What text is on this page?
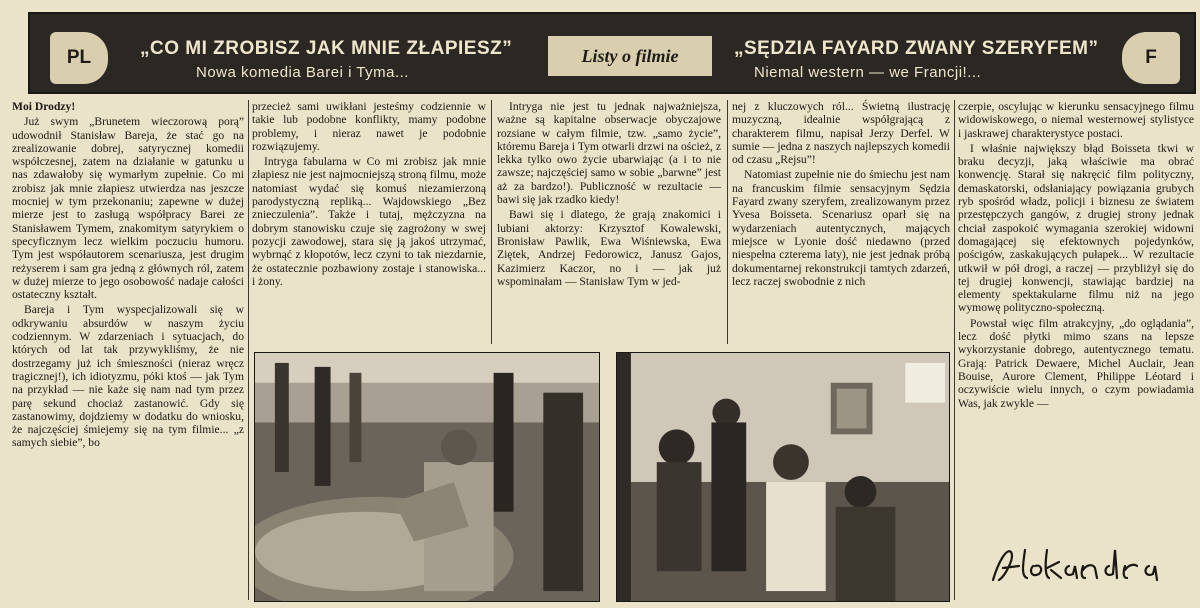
PL	„CO MI ZROBISZ JAK MNIE ZŁAPIESZ”
Nowa komedia Barei i Tyma...
Listy o filmie	„SĘDZIA FAYARD ZWANY SZERYFEM”
Niemal western — we Francji!...
F

Moi Drodzy!

Już swym „Brunetem wieczorową porą” udowodnił Stanisław Bareja, że stać go na zrealizowanie dobrej, satyrycznej komedii współczesnej, zatem na działanie w gatunku u nas zdawałoby się wymarłym zupełnie. Co mi zrobisz jak mnie złapiesz utwierdza nas jeszcze mocniej w tym przekonaniu; zapewne w dużej mierze jest to zasługą współpracy Barei ze Stanisławem Tymem, znakomitym satyrykiem o specyficznym lecz wielkim poczuciu humoru. Tym jest współautorem scenariusza, jest drugim reżyserem i sam gra jedną z głównych ról, zatem w dużej mierze to jego osobowość nadaje całości ostateczny kształt.

Bareja i Tym wyspecjalizowali się w odkrywaniu absurdów w naszym życiu codziennym. W zdarzeniach i sytuacjach, do których od lat tak przywykliśmy, że nie dostrzegamy już ich śmieszności (nieraz wręcz tragicznej!), ich idiotyzmu, póki ktoś — jak Tym na przykład — nie każe się nam nad tym przez parę sekund chociaż zastanowić. Gdy się zastanowimy, dojdziemy w dodatku do wniosku, że najczęściej śmiejemy się na tym filmie... „z samych siebie”, bo

przecież sami uwikłani jesteśmy codziennie w takie lub podobne konflikty, mamy podobne problemy, i nieraz nawet je podobnie rozwiązujemy.

Intryga fabularna w Co mi zrobisz jak mnie złapiesz nie jest najmocniejszą stroną filmu, może natomiast wydać się komuś niezamierzoną parodystyczną repliką... Wajdowskiego „Bez znieczulenia”. Także i tutaj, mężczyzna na dobrym stanowisku czuje się zagrożony w swej pozycji zawodowej, stara się ją jakoś utrzymać, wybrnąć z kłopotów, lecz czyni to tak niezdarnie, że ostatecznie pozbawiony zostaje i stanowiska... i żony.

Intryga nie jest tu jednak najważniejsza, ważne są kapitalne obserwacje obyczajowe rozsiane w całym filmie, tzw. „samo życie”, któremu Bareja i Tym otwarli drzwi na oścież, z lekka tylko owo życie ubarwiając (a i to nie zawsze; najczęściej samo w sobie „barwne” jest aż za bardzo!). Publiczność w rezultacie — bawi się jak rzadko kiedy!

Bawi się i dlatego, że grają znakomici i lubiani aktorzy: Krzysztof Kowalewski, Bronisław Pawlik, Ewa Wiśniewska, Ewa Ziętek, Andrzej Fedorowicz, Janusz Gajos, Kazimierz Kaczor, no i — jak już wspominałam — Stanisław Tym w jed-

nej z kluczowych ról... Świetną ilustrację muzyczną, idealnie współgrającą z charakterem filmu, napisał Jerzy Derfel. W sumie — jedna z naszych najlepszych komedii od czasu „Rejsu”!

Natomiast zupełnie nie do śmiechu jest nam na francuskim filmie sensacyjnym Sędzia Fayard zwany szeryfem, zrealizowanym przez Yvesa Boisseta. Scenariusz oparł się na wydarzeniach autentycznych, mających miejsce w Lyonie dość niedawno (przed niespełna czterema laty), nie jest jednak próbą dokumentarnej rekonstrukcji tamtych zdarzeń, lecz raczej swobodnie z nich

czerpie, oscylując w kierunku sensacyjnego filmu widowiskowego, o niemal westernowej stylistyce i jaskrawej charakterystyce postaci.

I właśnie największy błąd Boisseta tkwi w braku decyzji, jaką właściwie ma obrać konwencję. Starał się nakręcić film polityczny, demaskatorski, odsłaniający powiązania grubych ryb spośród władz, policji i biznesu ze światem przestępczych gangów, z drugiej strony jednak chciał zaspokoić wymagania szerokiej widowni domagającej się efektownych pojedynków, pościgów, zaskakujących pułapek... W rezultacie utkwił w pół drogi, a raczej — przybliżył się do tej drugiej konwencji, stawiając bardziej na elementy spektakularne filmu niż na jego wymowę polityczno-społeczną.

Powstał więc film atrakcyjny, „do oglądania”, lecz dość płytki mimo szans na lepsze wykorzystanie dobrego, autentycznego tematu. Grają: Patrick Dewaere, Michel Auclair, Jean Bouise, Aurore Clement, Philippe Léotard i oczywiście wielu innych, o czym powiadamia Was, jak zwykle —
